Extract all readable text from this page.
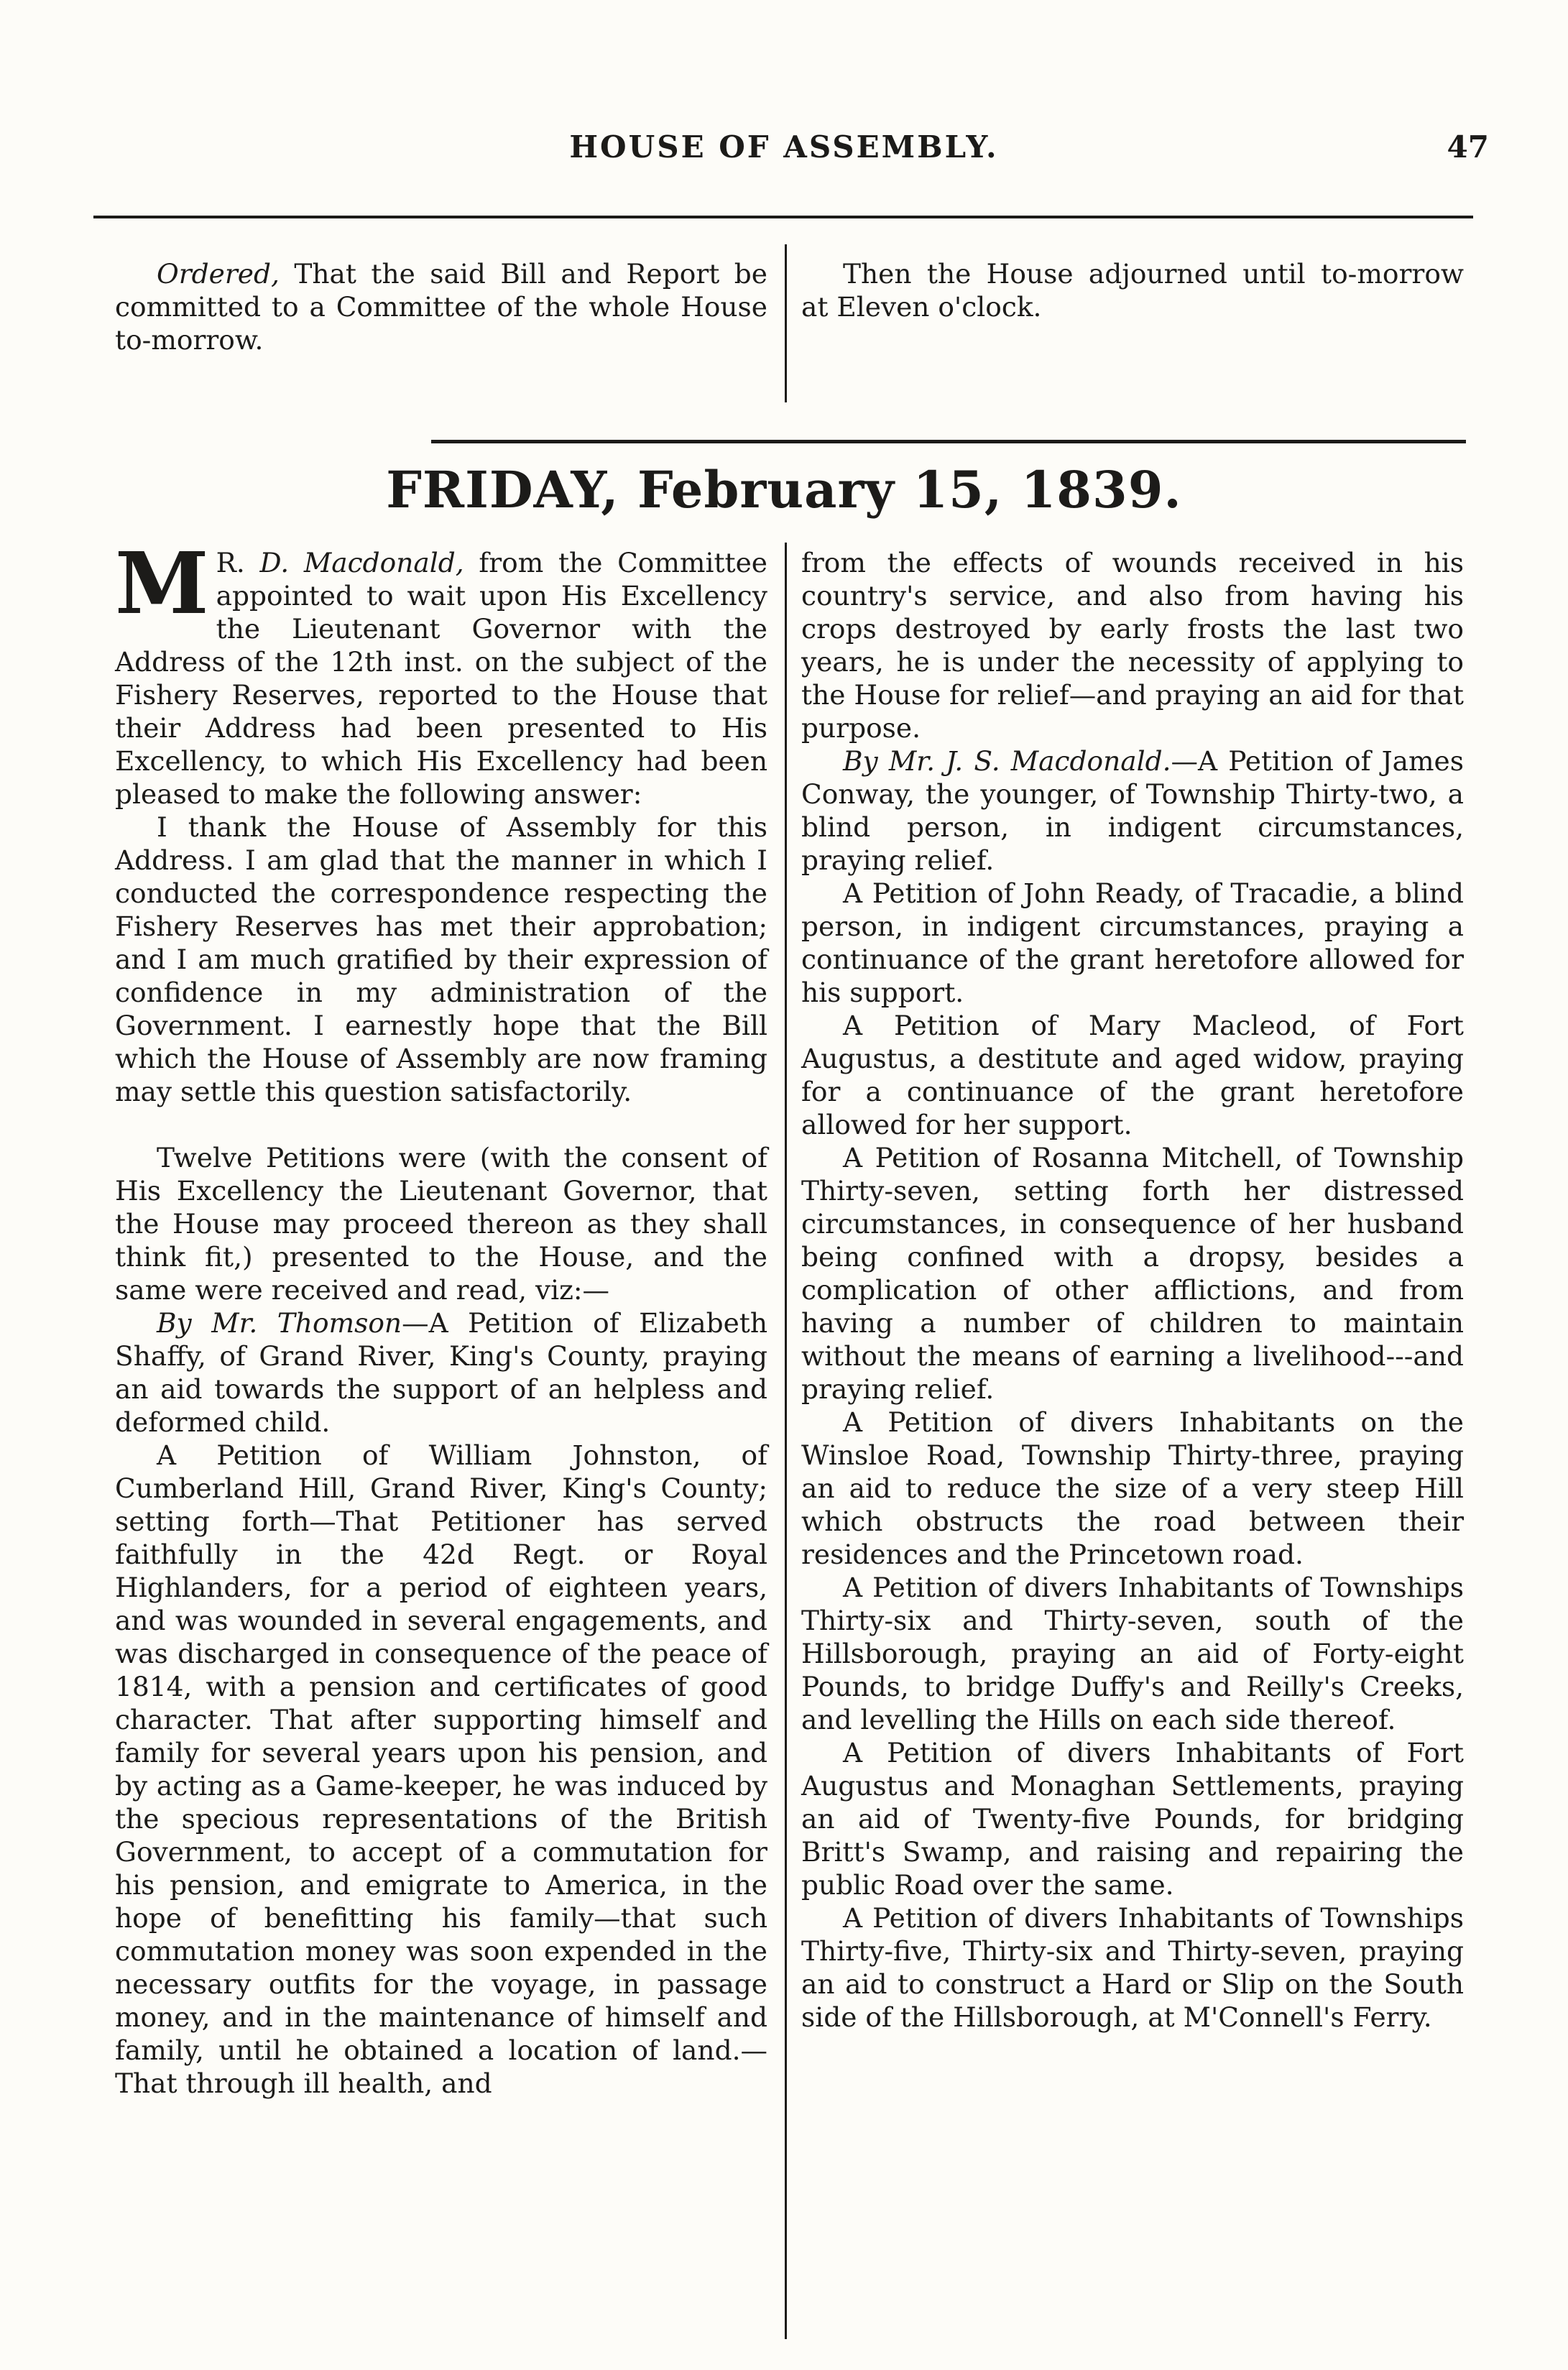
HOUSE OF ASSEMBLY.	47

Ordered, That the said Bill and Report be committed to a Committee of the whole House to-morrow.

Then the House adjourned until to-morrow at Eleven o'clock.

FRIDAY, February 15, 1839.

M R. D. Macdonald, from the Committee appointed to wait upon His Excellency the Lieutenant Governor with the Address of the 12th inst. on the subject of the Fishery Reserves, reported to the House that their Address had been presented to His Excellency, to which His Excellency had been pleased to make the following answer:

I thank the House of Assembly for this Address. I am glad that the manner in which I conducted the correspondence respecting the Fishery Reserves has met their approbation; and I am much gratified by their expression of confidence in my administration of the Government. I earnestly hope that the Bill which the House of Assembly are now framing may settle this question satisfactorily.

Twelve Petitions were (with the consent of His Excellency the Lieutenant Governor, that the House may proceed thereon as they shall think fit,) presented to the House, and the same were received and read, viz:—

By Mr. Thomson—A Petition of Elizabeth Shaffy, of Grand River, King's County, praying an aid towards the support of an helpless and deformed child.

A Petition of William Johnston, of Cumberland Hill, Grand River, King's County; setting forth—That Petitioner has served faithfully in the 42d Regt. or Royal Highlanders, for a period of eighteen years, and was wounded in several engagements, and was discharged in consequence of the peace of 1814, with a pension and certificates of good character. That after supporting himself and family for several years upon his pension, and by acting as a Game-keeper, he was induced by the specious representations of the British Government, to accept of a commutation for his pension, and emigrate to America, in the hope of benefitting his family—that such commutation money was soon expended in the necessary outfits for the voyage, in passage money, and in the maintenance of himself and family, until he obtained a location of land.—That through ill health, and

from the effects of wounds received in his country's service, and also from having his crops destroyed by early frosts the last two years, he is under the necessity of applying to the House for relief—and praying an aid for that purpose.

By Mr. J. S. Macdonald.—A Petition of James Conway, the younger, of Township Thirty-two, a blind person, in indigent circumstances, praying relief.

A Petition of John Ready, of Tracadie, a blind person, in indigent circumstances, praying a continuance of the grant heretofore allowed for his support.

A Petition of Mary Macleod, of Fort Augustus, a destitute and aged widow, praying for a continuance of the grant heretofore allowed for her support.

A Petition of Rosanna Mitchell, of Township Thirty-seven, setting forth her distressed circumstances, in consequence of her husband being confined with a dropsy, besides a complication of other afflictions, and from having a number of children to maintain without the means of earning a livelihood---and praying relief.

A Petition of divers Inhabitants on the Winsloe Road, Township Thirty-three, praying an aid to reduce the size of a very steep Hill which obstructs the road between their residences and the Princetown road.

A Petition of divers Inhabitants of Townships Thirty-six and Thirty-seven, south of the Hillsborough, praying an aid of Forty-eight Pounds, to bridge Duffy's and Reilly's Creeks, and levelling the Hills on each side thereof.

A Petition of divers Inhabitants of Fort Augustus and Monaghan Settlements, praying an aid of Twenty-five Pounds, for bridging Britt's Swamp, and raising and repairing the public Road over the same.

A Petition of divers Inhabitants of Townships Thirty-five, Thirty-six and Thirty-seven, praying an aid to construct a Hard or Slip on the South side of the Hillsborough, at M'Connell's Ferry.
